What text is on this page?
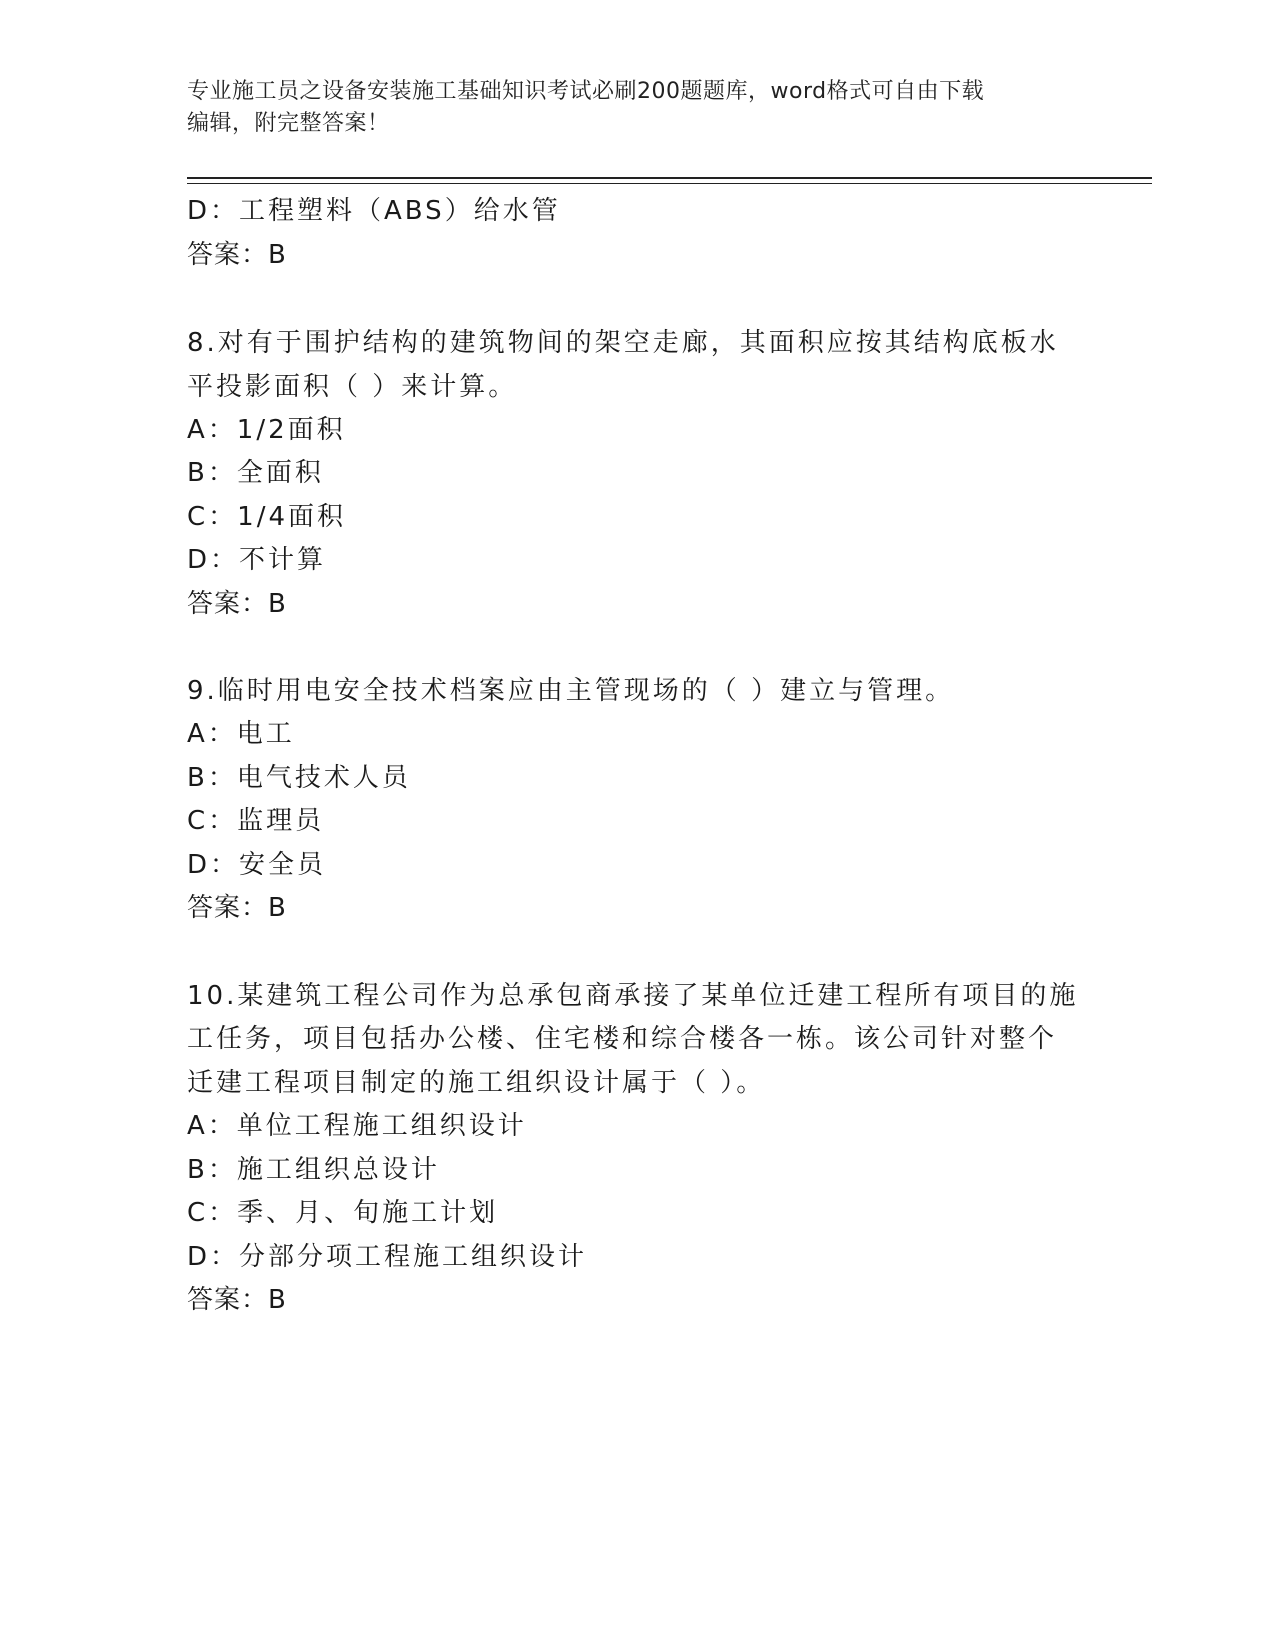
专业施工员之设备安装施工基础知识考试必刷200题题库，word格式可自由下载
编辑，附完整答案！
D：工程塑料（ABS）给水管
答案：B
8.对有于围护结构的建筑物间的架空走廊，其面积应按其结构底板水
平投影面积（ ）来计算。
A：1/2面积
B：全面积
C：1/4面积
D：不计算
答案：B
9.临时用电安全技术档案应由主管现场的（ ）建立与管理。
A：电工
B：电气技术人员
C：监理员
D：安全员
答案：B
10.某建筑工程公司作为总承包商承接了某单位迁建工程所有项目的施
工任务，项目包括办公楼、住宅楼和综合楼各一栋。该公司针对整个
迁建工程项目制定的施工组织设计属于（ ）。
A：单位工程施工组织设计
B：施工组织总设计
C：季、月、旬施工计划
D：分部分项工程施工组织设计
答案：B
